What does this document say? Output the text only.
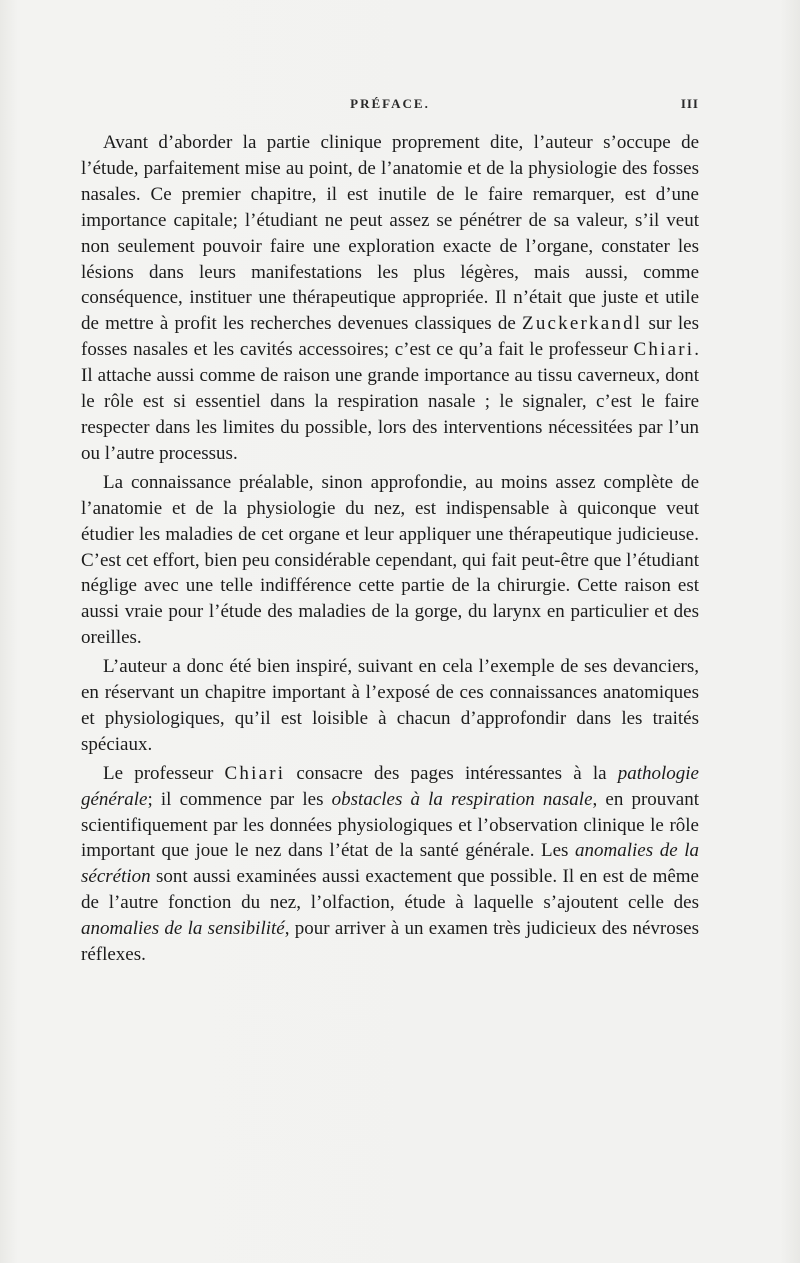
PRÉFACE.	III

Avant d’aborder la partie clinique proprement dite, l’auteur s’occupe de l’étude, parfaitement mise au point, de l’anatomie et de la physiologie des fosses nasales. Ce premier chapitre, il est inutile de le faire remarquer, est d’une importance capitale; l’étudiant ne peut assez se pénétrer de sa valeur, s’il veut non seulement pouvoir faire une exploration exacte de l’organe, constater les lésions dans leurs manifestations les plus légères, mais aussi, comme conséquence, instituer une thérapeutique appropriée. Il n’était que juste et utile de mettre à profit les recherches devenues classiques de Zuckerkandl sur les fosses nasales et les cavités accessoires; c’est ce qu’a fait le professeur Chiari. Il attache aussi comme de raison une grande importance au tissu caverneux, dont le rôle est si essentiel dans la respiration nasale ; le signaler, c’est le faire respecter dans les limites du possible, lors des interventions nécessitées par l’un ou l’autre processus.

La connaissance préalable, sinon approfondie, au moins assez complète de l’anatomie et de la physiologie du nez, est indispensable à quiconque veut étudier les maladies de cet organe et leur appliquer une thérapeutique judicieuse. C’est cet effort, bien peu considérable cependant, qui fait peut-être que l’étudiant néglige avec une telle indifférence cette partie de la chirurgie. Cette raison est aussi vraie pour l’étude des maladies de la gorge, du larynx en particulier et des oreilles.

L’auteur a donc été bien inspiré, suivant en cela l’exemple de ses devanciers, en réservant un chapitre important à l’exposé de ces connaissances anatomiques et physiologiques, qu’il est loisible à chacun d’approfondir dans les traités spéciaux.

Le professeur Chiari consacre des pages intéressantes à la pathologie générale; il commence par les obstacles à la respiration nasale, en prouvant scientifiquement par les données physiologiques et l’observation clinique le rôle important que joue le nez dans l’état de la santé générale. Les anomalies de la sécrétion sont aussi examinées aussi exactement que possible. Il en est de même de l’autre fonction du nez, l’olfaction, étude à laquelle s’ajoutent celle des anomalies de la sensibilité, pour arriver à un examen très judicieux des névroses réflexes.
